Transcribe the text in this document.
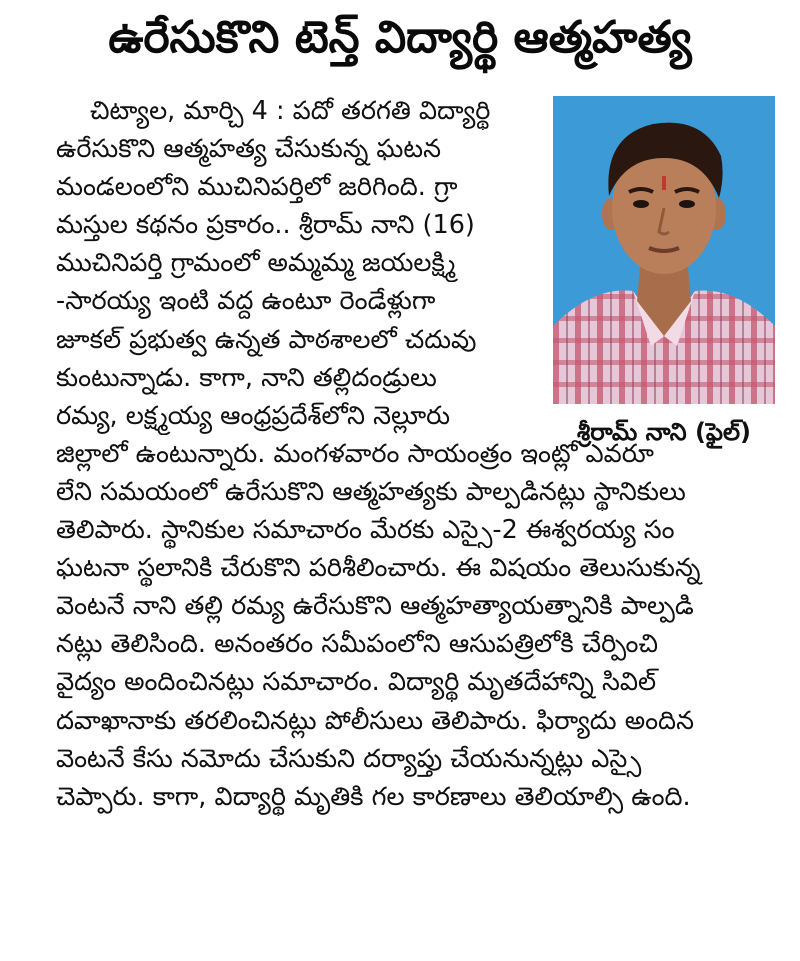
ఉరేసుకొని టెన్త్ విద్యార్థి ఆత్మహత్య
చిట్యాల, మార్చి 4 : పదో తరగతి విద్యార్థి
ఉరేసుకొని ఆత్మహత్య చేసుకున్న ఘటన
మండలంలోని ముచినిపర్తిలో జరిగింది. గ్రా
మస్తుల కథనం ప్రకారం.. శ్రీరామ్ నాని (16)
ముచినిపర్తి గ్రామంలో అమ్మమ్మ జయలక్ష్మి
-సారయ్య ఇంటి వద్ద ఉంటూ రెండేళ్లుగా
జూకల్ ప్రభుత్వ ఉన్నత పాఠశాలలో చదువు
కుంటున్నాడు. కాగా, నాని తల్లిదండ్రులు
రమ్య, లక్ష్మయ్య ఆంధ్రప్రదేశ్‌లోని నెల్లూరు
జిల్లాలో ఉంటున్నారు. మంగళవారం సాయంత్రం ఇంట్లో ఎవరూ
లేని సమయంలో ఉరేసుకొని ఆత్మహత్యకు పాల్పడినట్లు స్థానికులు
తెలిపారు. స్థానికుల సమాచారం మేరకు ఎస్సై-2 ఈశ్వరయ్య సం
ఘటనా స్థలానికి చేరుకొని పరిశీలించారు. ఈ విషయం తెలుసుకున్న
వెంటనే నాని తల్లి రమ్య ఉరేసుకొని ఆత్మహత్యాయత్నానికి పాల్పడి
నట్లు తెలిసింది. అనంతరం సమీపంలోని ఆసుపత్రిలోకి చేర్పించి
వైద్యం అందించినట్లు సమాచారం. విద్యార్థి మృతదేహాన్ని సివిల్
దవాఖానాకు తరలించినట్లు పోలీసులు తెలిపారు. ఫిర్యాదు అందిన
వెంటనే కేసు నమోదు చేసుకుని దర్యాప్తు చేయనున్నట్లు ఎస్సై
చెప్పారు. కాగా, విద్యార్థి మృతికి గల కారణాలు తెలియాల్సి ఉంది.
శ్రీరామ్ నాని (ఫైల్)
